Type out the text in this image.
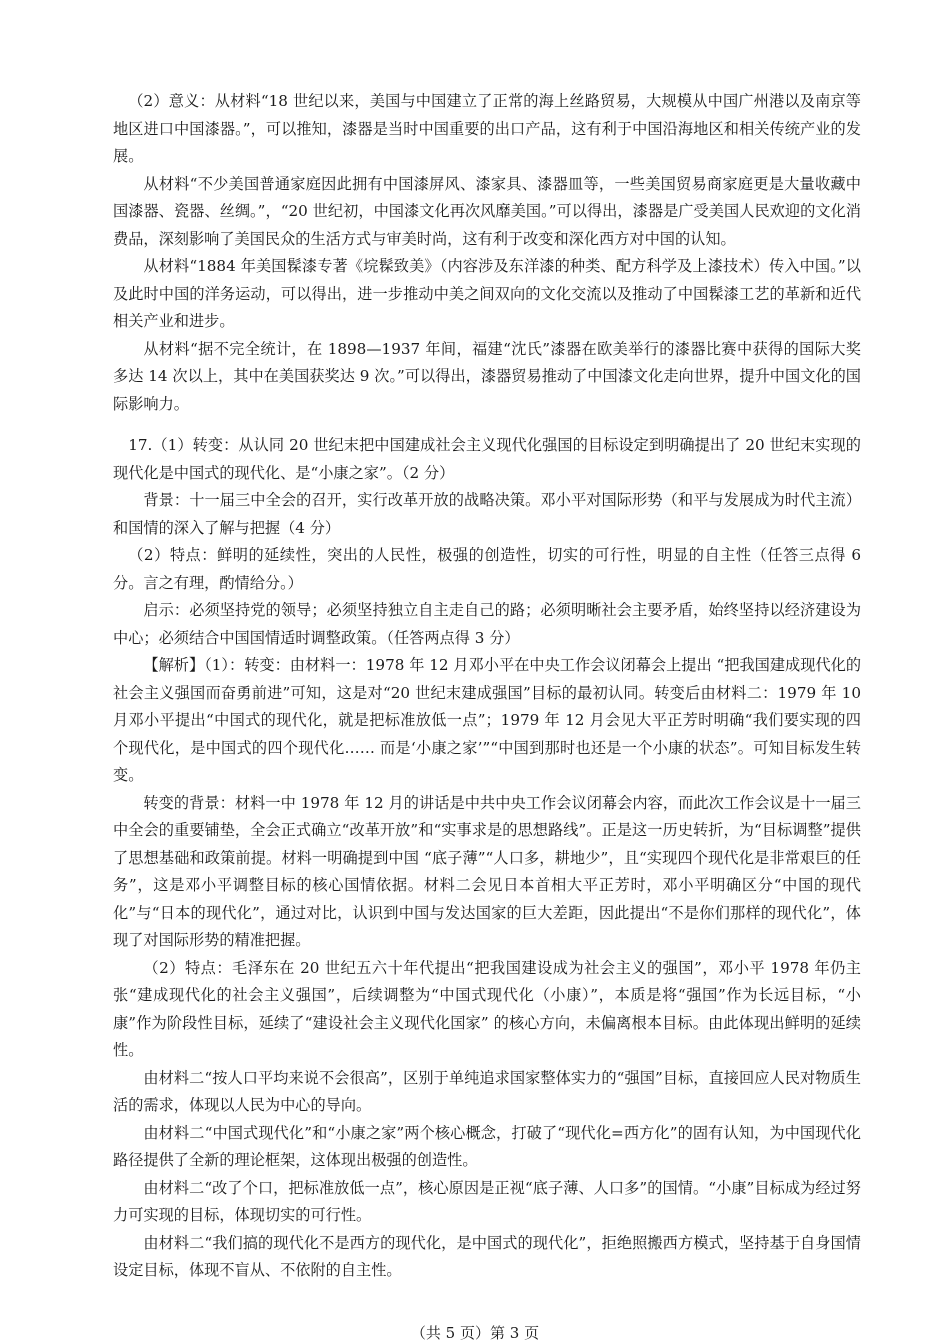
（2）意义：从材料“18 世纪以来，美国与中国建立了正常的海上丝路贸易，大规模从中国广州港以及南京等地区进口中国漆器。”，可以推知，漆器是当时中国重要的出口产品，这有利于中国沿海地区和相关传统产业的发展。

从材料“不少美国普通家庭因此拥有中国漆屏风、漆家具、漆器皿等，一些美国贸易商家庭更是大量收藏中国漆器、瓷器、丝绸。”，“20 世纪初，中国漆文化再次风靡美国。”可以得出，漆器是广受美国人民欢迎的文化消费品，深刻影响了美国民众的生活方式与审美时尚，这有利于改变和深化西方对中国的认知。

从材料“1884 年美国髹漆专著《垸髹致美》（内容涉及东洋漆的种类、配方科学及上漆技术）传入中国。”以及此时中国的洋务运动，可以得出，进一步推动中美之间双向的文化交流以及推动了中国髹漆工艺的革新和近代相关产业和进步。

从材料“据不完全统计，在 1898—1937 年间，福建“沈氏”漆器在欧美举行的漆器比赛中获得的国际大奖多达 14 次以上，其中在美国获奖达 9 次。”可以得出，漆器贸易推动了中国漆文化走向世界，提升中国文化的国际影响力。

17.（1）转变：从认同 20 世纪末把中国建成社会主义现代化强国的目标设定到明确提出了 20 世纪末实现的现代化是中国式的现代化、是“小康之家”。（2 分）

背景：十一届三中全会的召开，实行改革开放的战略决策。邓小平对国际形势（和平与发展成为时代主流）和国情的深入了解与把握（4 分）

（2）特点：鲜明的延续性，突出的人民性，极强的创造性，切实的可行性，明显的自主性（任答三点得 6 分。言之有理，酌情给分。）

启示：必须坚持党的领导；必须坚持独立自主走自己的路；必须明晰社会主要矛盾，始终坚持以经济建设为中心；必须结合中国国情适时调整政策。（任答两点得 3 分）

【解析】（1）：转变：由材料一：1978 年 12 月邓小平在中央工作会议闭幕会上提出 “把我国建成现代化的社会主义强国而奋勇前进”可知，这是对“20 世纪末建成强国”目标的最初认同。转变后由材料二：1979 年 10 月邓小平提出“中国式的现代化，就是把标准放低一点”；1979 年 12 月会见大平正芳时明确“我们要实现的四个现代化，是中国式的四个现代化…… 而是‘小康之家’”“中国到那时也还是一个小康的状态”。可知目标发生转变。

转变的背景：材料一中 1978 年 12 月的讲话是中共中央工作会议闭幕会内容，而此次工作会议是十一届三中全会的重要铺垫，全会正式确立“改革开放”和“实事求是的思想路线”。正是这一历史转折，为“目标调整”提供了思想基础和政策前提。材料一明确提到中国 “底子薄”“人口多，耕地少”，且“实现四个现代化是非常艰巨的任务”，这是邓小平调整目标的核心国情依据。材料二会见日本首相大平正芳时，邓小平明确区分“中国的现代化”与“日本的现代化”，通过对比，认识到中国与发达国家的巨大差距，因此提出“不是你们那样的现代化”，体现了对国际形势的精准把握。

（2）特点：毛泽东在 20 世纪五六十年代提出“把我国建设成为社会主义的强国”，邓小平 1978 年仍主张“建成现代化的社会主义强国”，后续调整为“中国式现代化（小康）”，本质是将“强国”作为长远目标，“小康”作为阶段性目标，延续了“建设社会主义现代化国家” 的核心方向，未偏离根本目标。由此体现出鲜明的延续性。

由材料二“按人口平均来说不会很高”，区别于单纯追求国家整体实力的“强国”目标，直接回应人民对物质生活的需求，体现以人民为中心的导向。

由材料二“中国式现代化”和“小康之家”两个核心概念，打破了“现代化=西方化”的固有认知，为中国现代化路径提供了全新的理论框架，这体现出极强的创造性。

由材料二“改了个口，把标准放低一点”，核心原因是正视“底子薄、人口多”的国情。“小康”目标成为经过努力可实现的目标，体现切实的可行性。

由材料二“我们搞的现代化不是西方的现代化，是中国式的现代化”，拒绝照搬西方模式，坚持基于自身国情设定目标，体现不盲从、不依附的自主性。

（共 5 页）第 3 页
